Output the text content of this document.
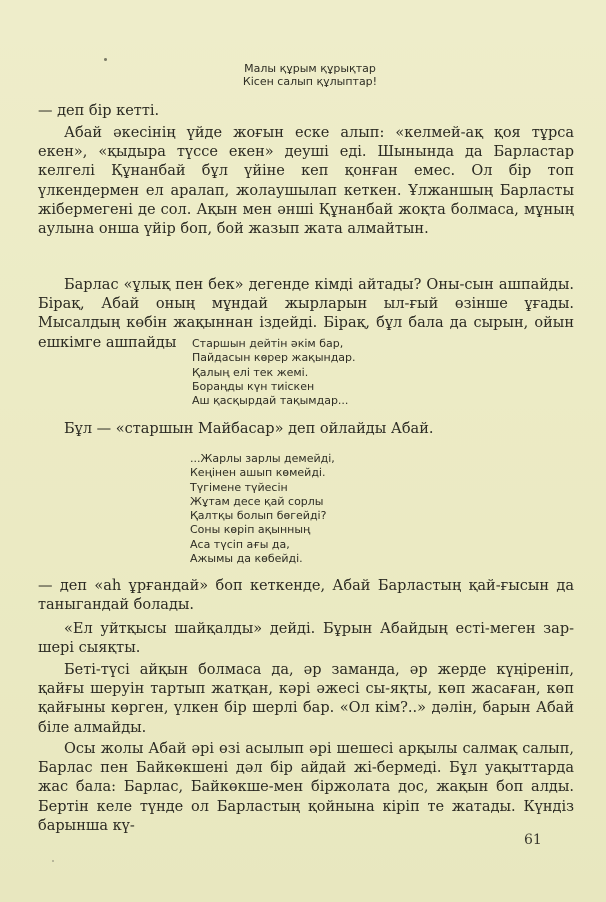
Малы құрым құрықтар
Кісен салып құлыптар!

— деп бір кетті.

Абай әкесінің үйде жоғын еске алып: «келмей-ақ қоя тұрса екен», «қыдыра түссе екен» деуші еді. Шынында да Барластар келгелі Құнанбай бұл үйіне кеп қонған емес. Ол бір топ үлкендермен ел аралап, жолаушылап кеткен. Ұлжаншың Барласты жібермегені де сол. Ақын мен әнші Құнанбай жоқта болмаса, мұның аулына онша үйір боп, бой жазып жата алмайтын.

Барлас «ұлық пен бек» дегенде кімді айтады? Оны-сын ашпайды. Бірақ, Абай оның мұндай жырларын ыл-ғый өзінше ұғады. Мысалдың көбін жақыннан іздейді. Бірақ, бұл бала да сырын, ойын ешкімге ашпайды	Старшын дейтін әкім бар,
Пайдасын көрер жақындар.
Қалың елі тек жемі.
Бораңды күн тиіскен
Аш қасқырдай тақымдар...

Бұл — «старшын Майбасар» деп ойлайды Абай.

...Жарлы зарлы демейді,
Кеңінен ашып көмейді.
Түгімене түйесін
Жұтам десе қай сорлы
Қалтқы болып бөгейді?
Соны көріп ақынның
Аса түсіп ағы да,
Ажымы да көбейді.

— деп «аһ ұрғандай» боп кеткенде, Абай Барластың қай-ғысын да таныгандай болады.

«Ел уйтқысы шайқалды» дейді. Бұрын Абайдың есті-меген зар-шері сыяқты.

Бетi-түсі айқын болмаса да, әр заманда, әр жерде күңіреніп, қайғы шеруін тартып жатқан, кәрі әжесі сы-яқты, көп жасаған, көп қайғыны көрген, үлкен бір шерлі бар. «Ол кім?..» дәлін, барын Абай біле алмайды.

Осы жолы Абай әрі өзі асылып әрі шешесі арқылы салмақ салып, Барлас пен Байкөкшені дәл бір айдай жі-бермеді. Бұл уақыттарда жас бала: Барлас, Байкөкше-мен біржолата дос, жақын боп алды. Бертін келе түнде ол Барластың қойнына кіріп те жатады. Күндіз барынша кү-

61
